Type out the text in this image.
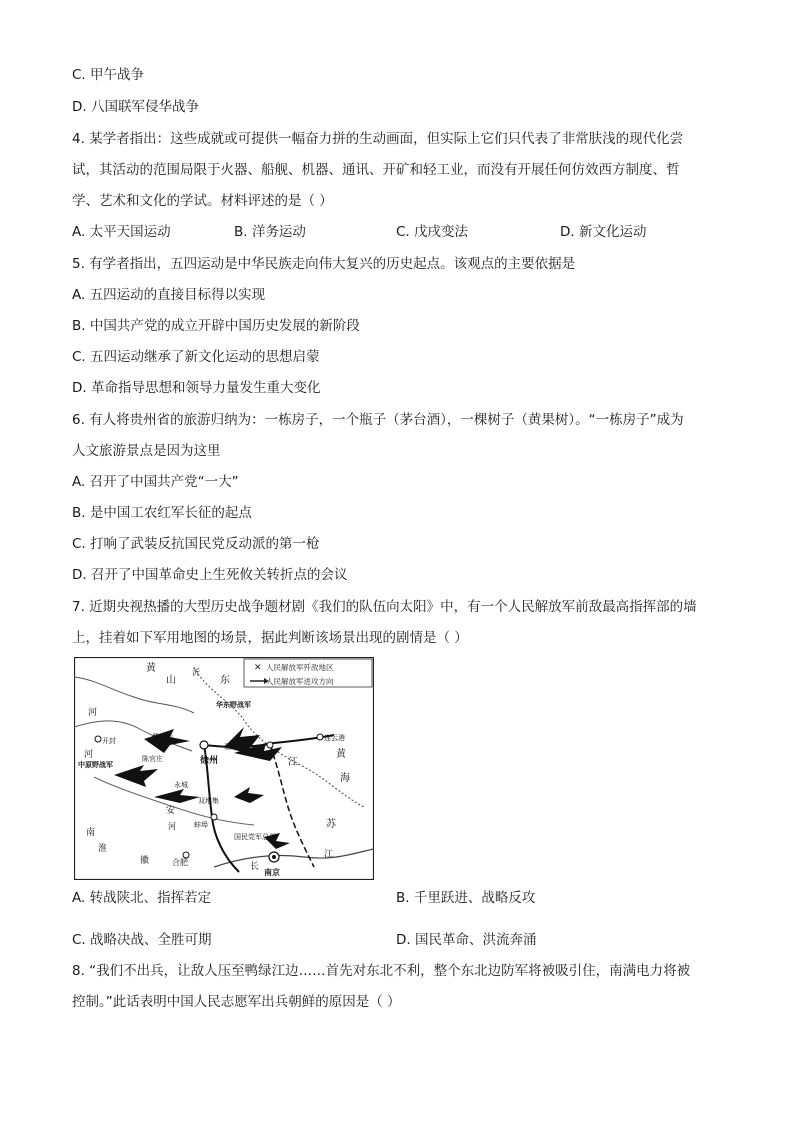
C. 甲午战争
D. 八国联军侵华战争
4. 某学者指出：这些成就或可提供一幅奋力拼的生动画面，但实际上它们只代表了非常肤浅的现代化尝
试，其活动的范围局限于火器、船舰、机器、通讯、开矿和轻工业，而没有开展任何仿效西方制度、哲
学、艺术和文化的学试。材料评述的是（ ）
A. 太平天国运动	B. 洋务运动	C. 戊戌变法	D. 新文化运动
5. 有学者指出，五四运动是中华民族走向伟大复兴的历史起点。该观点的主要依据是
A. 五四运动的直接目标得以实现
B. 中国共产党的成立开辟中国历史发展的新阶段
C. 五四运动继承了新文化运动的思想启蒙
D. 革命指导思想和领导力量发生重大变化
6. 有人将贵州省的旅游归纳为：一栋房子，一个瓶子（茅台酒），一棵树子（黄果树）。“一栋房子”成为
人文旅游景点是因为这里
A. 召开了中国共产党“一大”
B. 是中国工农红军长征的起点
C. 打响了武装反抗国民党反动派的第一枪
D. 召开了中国革命史上生死攸关转折点的会议
7. 近期央视热播的大型历史战争题材剧《我们的队伍向太阳》中，有一个人民解放军前敌最高指挥部的墙
上，挂着如下军用地图的场景，据此判断该场景出现的剧情是（ ）
✕ 人民解放军歼敌地区
人民解放军进攻方向
黄
山	东
沂
河
华东野战军
连云港
开封	紫公山
河	黄
中原野战军
陈官庄	徐州
碾庄
江
海
永城
双堆集
蚌埠
安
河
南
淮
苏
国民党军总部
徽	合肥	长
南京
江
A. 转战陕北、指挥若定	B. 千里跃进、战略反攻
C. 战略决战、全胜可期	D. 国民革命、洪流奔涌
8. “我们不出兵，让敌人压至鸭绿江边……首先对东北不利，整个东北边防军将被吸引住，南满电力将被
控制。”此话表明中国人民志愿军出兵朝鲜的原因是（ ）
